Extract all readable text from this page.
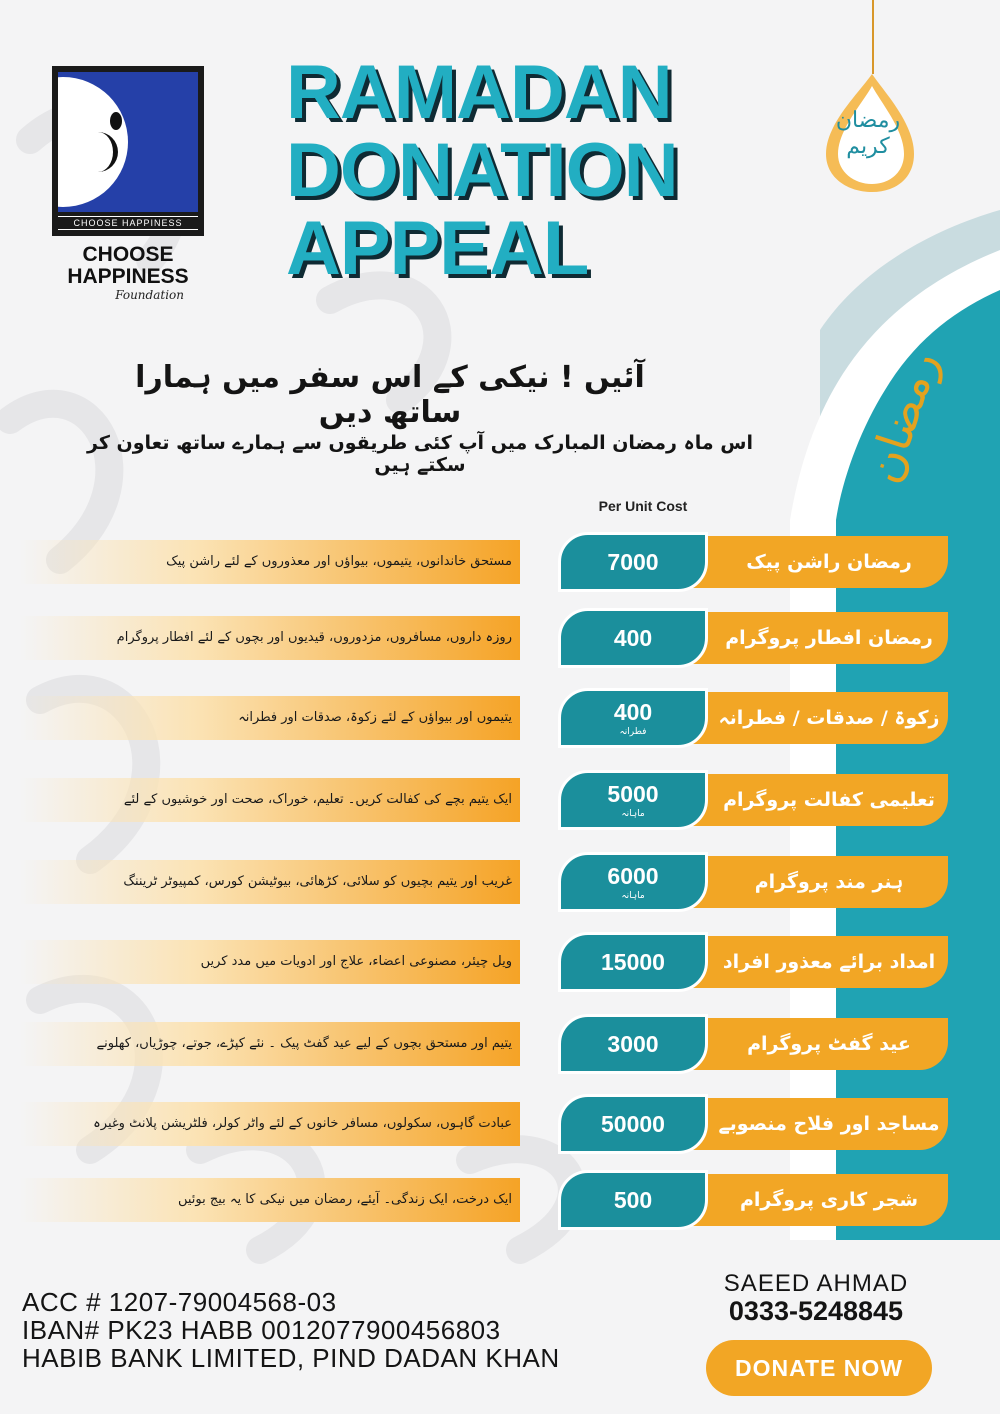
CHOOSE HAPPINESS
CHOOSE
HAPPINESS
Foundation
RAMADAN
DONATION
APPEAL
رمضان کریم
رمضان
آئیں ! نیکی کے اس سفر میں ہمارا ساتھ دیں
اس ماہ رمضان المبارک میں آپ کئی طریقوں سے ہمارے ساتھ تعاون کر سکتے ہیں
Per Unit Cost
مستحق خاندانوں، یتیموں، بیواؤں اور معذوروں کے لئے راشن پیک	رمضان راشن پیک
7000
روزہ داروں، مسافروں، مزدوروں، قیدیوں اور بچوں کے لئے افطار پروگرام	رمضان افطار پروگرام
400
یتیموں اور بیواؤں کے لئے زکوۃ، صدقات اور فطرانہ	زکوۃ / صدقات / فطرانہ
400
فطرانہ
ایک یتیم بچے کی کفالت کریں۔ تعلیم، خوراک، صحت اور خوشیوں کے لئے	تعلیمی کفالت پروگرام
5000
ماہانہ
غریب اور یتیم بچیوں کو سلائی، کڑھائی، بیوٹیشن کورس، کمپیوٹر ٹریننگ	ہنر مند پروگرام
6000
ماہانہ
ویل چیئر، مصنوعی اعضاء، علاج اور ادویات میں مدد کریں	امداد برائے معذور افراد
15000
یتیم اور مستحق بچوں کے لیے عید گفٹ پیک ۔ نئے کپڑے، جوتے، چوڑیاں، کھلونے	عید گفٹ پروگرام
3000
عبادت گاہوں، سکولوں، مسافر خانوں کے لئے واٹر کولر، فلٹریشن پلانٹ وغیرہ	مساجد اور فلاح منصوبے
50000
ایک درخت، ایک زندگی۔ آیئے، رمضان میں نیکی کا یہ بیج بوئیں	شجر کاری پروگرام
500
ACC # 1207-79004568-03
IBAN# PK23 HABB 0012077900456803
HABIB BANK LIMITED, PIND DADAN KHAN
SAEED AHMAD
0333-5248845
DONATE NOW
